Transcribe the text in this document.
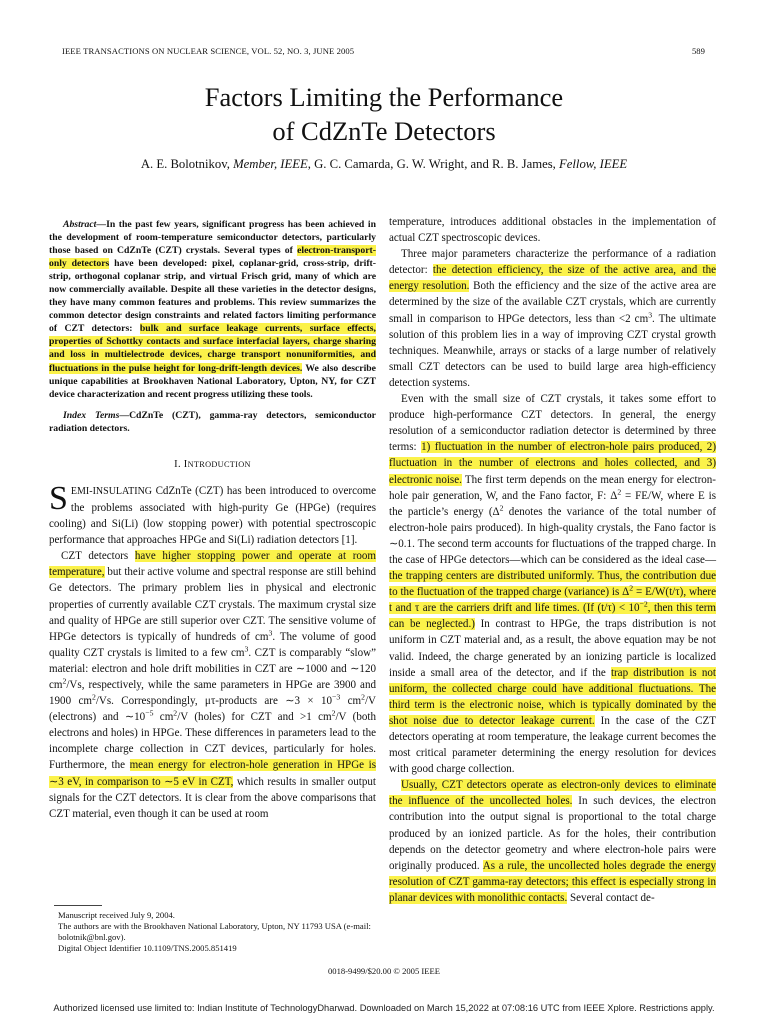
IEEE TRANSACTIONS ON NUCLEAR SCIENCE, VOL. 52, NO. 3, JUNE 2005	589
Factors Limiting the Performance
of CdZnTe Detectors
A. E. Bolotnikov, Member, IEEE, G. C. Camarda, G. W. Wright, and R. B. James, Fellow, IEEE
Abstract—In the past few years, significant progress has been achieved in the development of room-temperature semiconductor detectors, particularly those based on CdZnTe (CZT) crystals. Several types of electron-transport-only detectors have been developed: pixel, coplanar-grid, cross-strip, drift-strip, orthogonal coplanar strip, and virtual Frisch grid, many of which are now commercially available. Despite all these varieties in the detector designs, they have many common features and problems. This review summarizes the common detector design constraints and related factors limiting performance of CZT detectors: bulk and surface leakage currents, surface effects, properties of Schottky contacts and surface interfacial layers, charge sharing and loss in multielectrode devices, charge transport nonuniformities, and fluctuations in the pulse height for long-drift-length devices. We also describe unique capabilities at Brookhaven National Laboratory, Upton, NY, for CZT device characterization and recent progress utilizing these tools.
Index Terms—CdZnTe (CZT), gamma-ray detectors, semiconductor radiation detectors.
I. INTRODUCTION

SEMI-INSULATING CdZnTe (CZT) has been introduced to overcome the problems associated with high-purity Ge (HPGe) (requires cooling) and Si(Li) (low stopping power) with potential spectroscopic performance that approaches HPGe and Si(Li) radiation detectors [1].

CZT detectors have higher stopping power and operate at room temperature, but their active volume and spectral response are still behind Ge detectors. The primary problem lies in physical and electronic properties of currently available CZT crystals. The maximum crystal size and quality of HPGe are still superior over CZT. The sensitive volume of HPGe detectors is typically of hundreds of $cm^3$. The volume of good quality CZT crystals is limited to a few $cm^3$. CZT is comparably “slow” material: electron and hole drift mobilities in CZT are ∼1000 and ∼120 $cm^2/Vs$, respectively, while the same parameters in HPGe are 3900 and 1900 $cm^2/Vs$. Correspondingly, μτ-products are ∼3 × $10^{-3}$ $cm^2/V$ (electrons) and $\sim 10^{-5}$ $cm^2/V$ (holes) for CZT and >1 $cm^2/V$ (both electrons and holes) in HPGe. These differences in parameters lead to the incomplete charge collection in CZT devices, particularly for holes. Furthermore, the mean energy for electron-hole generation in HPGe is ∼3 eV, in comparison to ∼5 eV in CZT, which results in smaller output signals for the CZT detectors. It is clear from the above comparisons that CZT material, even though it can be used at room

temperature, introduces additional obstacles in the implementation of actual CZT spectroscopic devices.

Three major parameters characterize the performance of a radiation detector: the detection efficiency, the size of the active area, and the energy resolution. Both the efficiency and the size of the active area are determined by the size of the available CZT crystals, which are currently small in comparison to HPGe detectors, less than <2 $cm^3$. The ultimate solution of this problem lies in a way of improving CZT crystal growth techniques. Meanwhile, arrays or stacks of a large number of relatively small CZT detectors can be used to build large area high-efficiency detection systems.

Even with the small size of CZT crystals, it takes some effort to produce high-performance CZT detectors. In general, the energy resolution of a semiconductor radiation detector is determined by three terms: 1) fluctuation in the number of electron-hole pairs produced, 2) fluctuation in the number of electrons and holes collected, and 3) electronic noise. The first term depends on the mean energy for electron-hole pair generation, W, and the Fano factor, F: $\Delta^2 = FE/W$, where E is the particle’s energy ($\Delta^2$ denotes the variance of the total number of electron-hole pairs produced). In high-quality crystals, the Fano factor is ∼0.1. The second term accounts for fluctuations of the trapped charge. In the case of HPGe detectors—which can be considered as the ideal case—the trapping centers are distributed uniformly. Thus, the contribution due to the fluctuation of the trapped charge (variance) is $\Delta^2 = E/W(t/\tau)$, where t and τ are the carriers drift and life times. (If $(t/\tau) < 10^{-2}$, then this term can be neglected.) In contrast to HPGe, the traps distribution is not uniform in CZT material and, as a result, the above equation may be not valid. Indeed, the charge generated by an ionizing particle is localized inside a small area of the detector, and if the trap distribution is not uniform, the collected charge could have additional fluctuations. The third term is the electronic noise, which is typically dominated by the shot noise due to detector leakage current. In the case of the CZT detectors operating at room temperature, the leakage current becomes the most critical parameter determining the energy resolution for devices with good charge collection.

Usually, CZT detectors operate as electron-only devices to eliminate the influence of the uncollected holes. In such devices, the electron contribution into the output signal is proportional to the total charge produced by an ionized particle. As for the holes, their contribution depends on the detector geometry and where electron-hole pairs were originally produced. As a rule, the uncollected holes degrade the energy resolution of CZT gamma-ray detectors; this effect is especially strong in planar devices with monolithic contacts. Several contact de-

Manuscript received July 9, 2004.

The authors are with the Brookhaven National Laboratory, Upton, NY 11793 USA (e-mail: bolotnik@bnl.gov).

Digital Object Identifier 10.1109/TNS.2005.851419

0018-9499/$20.00 © 2005 IEEE
Authorized licensed use limited to: Indian Institute of TechnologyDharwad. Downloaded on March 15,2022 at 07:08:16 UTC from IEEE Xplore. Restrictions apply.
